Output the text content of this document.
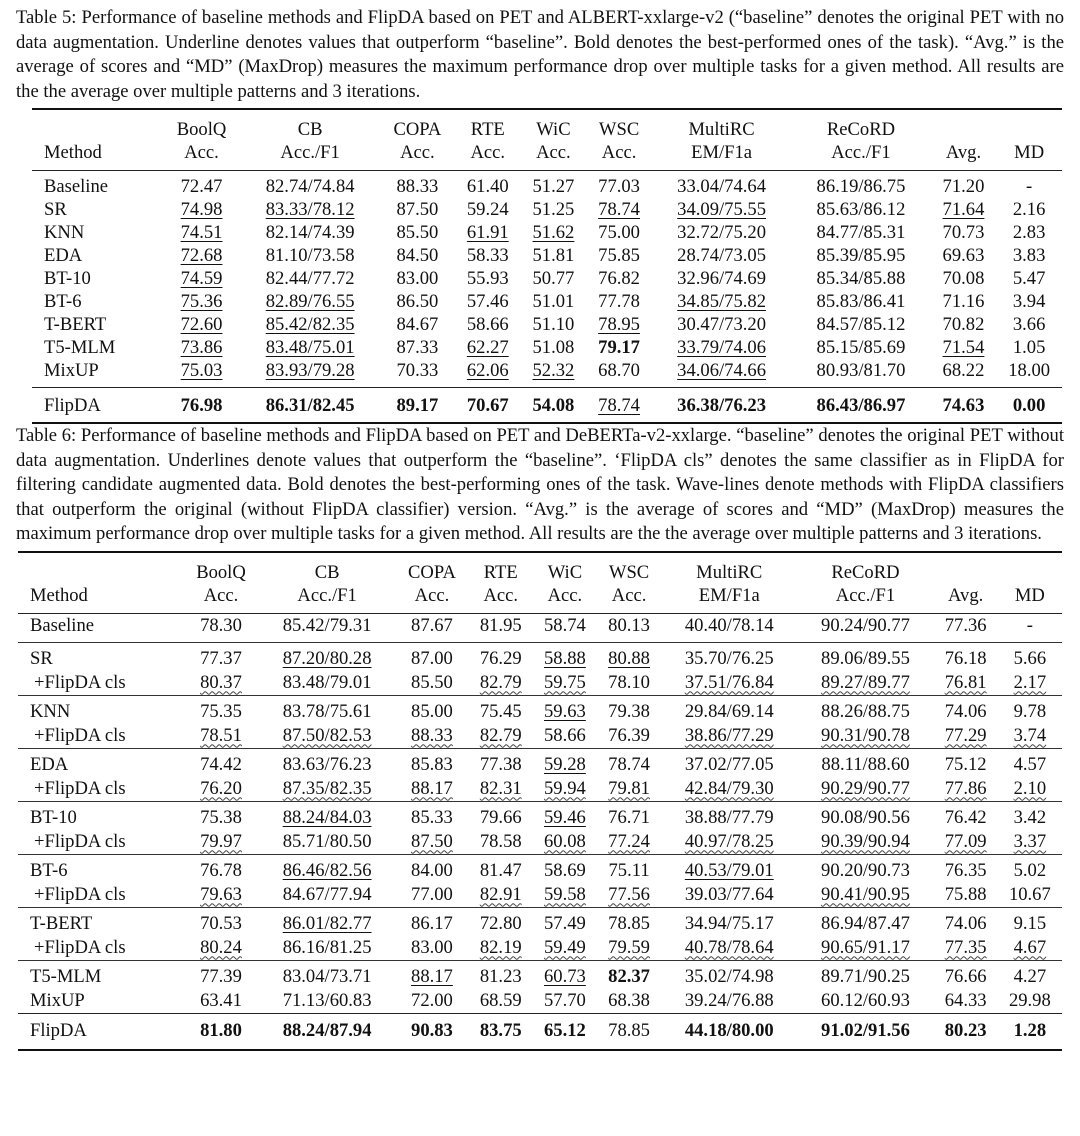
Table 5: Performance of baseline methods and FlipDA based on PET and ALBERT-xxlarge-v2 (“baseline” denotes the original PET with no data augmentation. Underline denotes values that outperform “baseline”. Bold denotes the best-performed ones of the task). “Avg.” is the average of scores and “MD” (MaxDrop) measures the maximum performance drop over multiple tasks for a given method. All results are the the average over multiple patterns and 3 iterations.

	BoolQ	CB	COPA	RTE	WiC	WSC	MultiRC	ReCoRD		
Method	Acc.	Acc./F1	Acc.	Acc.	Acc.	Acc.	EM/F1a	Acc./F1	Avg.	MD
Baseline	72.47	82.74/74.84	88.33	61.40	51.27	77.03	33.04/74.64	86.19/86.75	71.20	-
SR	74.98	83.33/78.12	87.50	59.24	51.25	78.74	34.09/75.55	85.63/86.12	71.64	2.16
KNN	74.51	82.14/74.39	85.50	61.91	51.62	75.00	32.72/75.20	84.77/85.31	70.73	2.83
EDA	72.68	81.10/73.58	84.50	58.33	51.81	75.85	28.74/73.05	85.39/85.95	69.63	3.83
BT-10	74.59	82.44/77.72	83.00	55.93	50.77	76.82	32.96/74.69	85.34/85.88	70.08	5.47
BT-6	75.36	82.89/76.55	86.50	57.46	51.01	77.78	34.85/75.82	85.83/86.41	71.16	3.94
T-BERT	72.60	85.42/82.35	84.67	58.66	51.10	78.95	30.47/73.20	84.57/85.12	70.82	3.66
T5-MLM	73.86	83.48/75.01	87.33	62.27	51.08	79.17	33.79/74.06	85.15/85.69	71.54	1.05
MixUP	75.03	83.93/79.28	70.33	62.06	52.32	68.70	34.06/74.66	80.93/81.70	68.22	18.00
FlipDA	76.98	86.31/82.45	89.17	70.67	54.08	78.74	36.38/76.23	86.43/86.97	74.63	0.00

Table 6: Performance of baseline methods and FlipDA based on PET and DeBERTa-v2-xxlarge. “baseline” denotes the original PET without data augmentation. Underlines denote values that outperform the “baseline”. ‘FlipDA cls” denotes the same classifier as in FlipDA for filtering candidate augmented data. Bold denotes the best-performing ones of the task. Wave-lines denote methods with FlipDA classifiers that outperform the original (without FlipDA classifier) version. “Avg.” is the average of scores and “MD” (MaxDrop) measures the maximum performance drop over multiple tasks for a given method. All results are the the average over multiple patterns and 3 iterations.

	BoolQ	CB	COPA	RTE	WiC	WSC	MultiRC	ReCoRD		
Method	Acc.	Acc./F1	Acc.	Acc.	Acc.	Acc.	EM/F1a	Acc./F1	Avg.	MD
Baseline	78.30	85.42/79.31	87.67	81.95	58.74	80.13	40.40/78.14	90.24/90.77	77.36	-
SR	77.37	87.20/80.28	87.00	76.29	58.88	80.88	35.70/76.25	89.06/89.55	76.18	5.66
+FlipDA cls	80.37	83.48/79.01	85.50	82.79	59.75	78.10	37.51/76.84	89.27/89.77	76.81	2.17
KNN	75.35	83.78/75.61	85.00	75.45	59.63	79.38	29.84/69.14	88.26/88.75	74.06	9.78
+FlipDA cls	78.51	87.50/82.53	88.33	82.79	58.66	76.39	38.86/77.29	90.31/90.78	77.29	3.74
EDA	74.42	83.63/76.23	85.83	77.38	59.28	78.74	37.02/77.05	88.11/88.60	75.12	4.57
+FlipDA cls	76.20	87.35/82.35	88.17	82.31	59.94	79.81	42.84/79.30	90.29/90.77	77.86	2.10
BT-10	75.38	88.24/84.03	85.33	79.66	59.46	76.71	38.88/77.79	90.08/90.56	76.42	3.42
+FlipDA cls	79.97	85.71/80.50	87.50	78.58	60.08	77.24	40.97/78.25	90.39/90.94	77.09	3.37
BT-6	76.78	86.46/82.56	84.00	81.47	58.69	75.11	40.53/79.01	90.20/90.73	76.35	5.02
+FlipDA cls	79.63	84.67/77.94	77.00	82.91	59.58	77.56	39.03/77.64	90.41/90.95	75.88	10.67
T-BERT	70.53	86.01/82.77	86.17	72.80	57.49	78.85	34.94/75.17	86.94/87.47	74.06	9.15
+FlipDA cls	80.24	86.16/81.25	83.00	82.19	59.49	79.59	40.78/78.64	90.65/91.17	77.35	4.67
T5-MLM	77.39	83.04/73.71	88.17	81.23	60.73	82.37	35.02/74.98	89.71/90.25	76.66	4.27
MixUP	63.41	71.13/60.83	72.00	68.59	57.70	68.38	39.24/76.88	60.12/60.93	64.33	29.98
FlipDA	81.80	88.24/87.94	90.83	83.75	65.12	78.85	44.18/80.00	91.02/91.56	80.23	1.28
